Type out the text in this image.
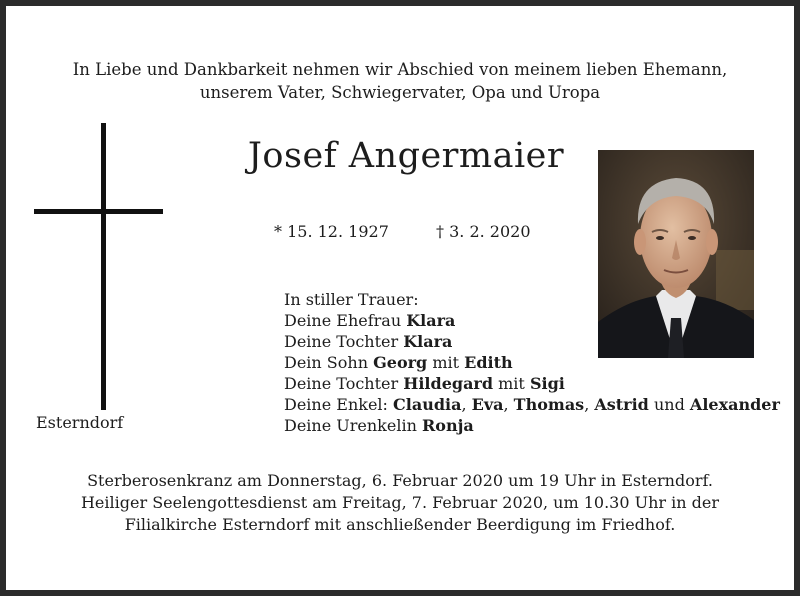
In Liebe und Dankbarkeit nehmen wir Abschied von meinem lieben Ehemann,
unserem Vater, Schwiegervater, Opa und Uropa
Esterndorf
Josef Angermaier
* 15. 12. 1927	† 3. 2. 2020
In stiller Trauer:
Deine Ehefrau Klara
Deine Tochter Klara
Dein Sohn Georg mit Edith
Deine Tochter Hildegard mit Sigi
Deine Enkel: Claudia, Eva, Thomas, Astrid und Alexander
Deine Urenkelin Ronja
Sterberosenkranz am Donnerstag, 6. Februar 2020 um 19 Uhr in Esterndorf.
Heiliger Seelengottesdienst am Freitag, 7. Februar 2020, um 10.30 Uhr in der
Filialkirche Esterndorf mit anschließender Beerdigung im Friedhof.
